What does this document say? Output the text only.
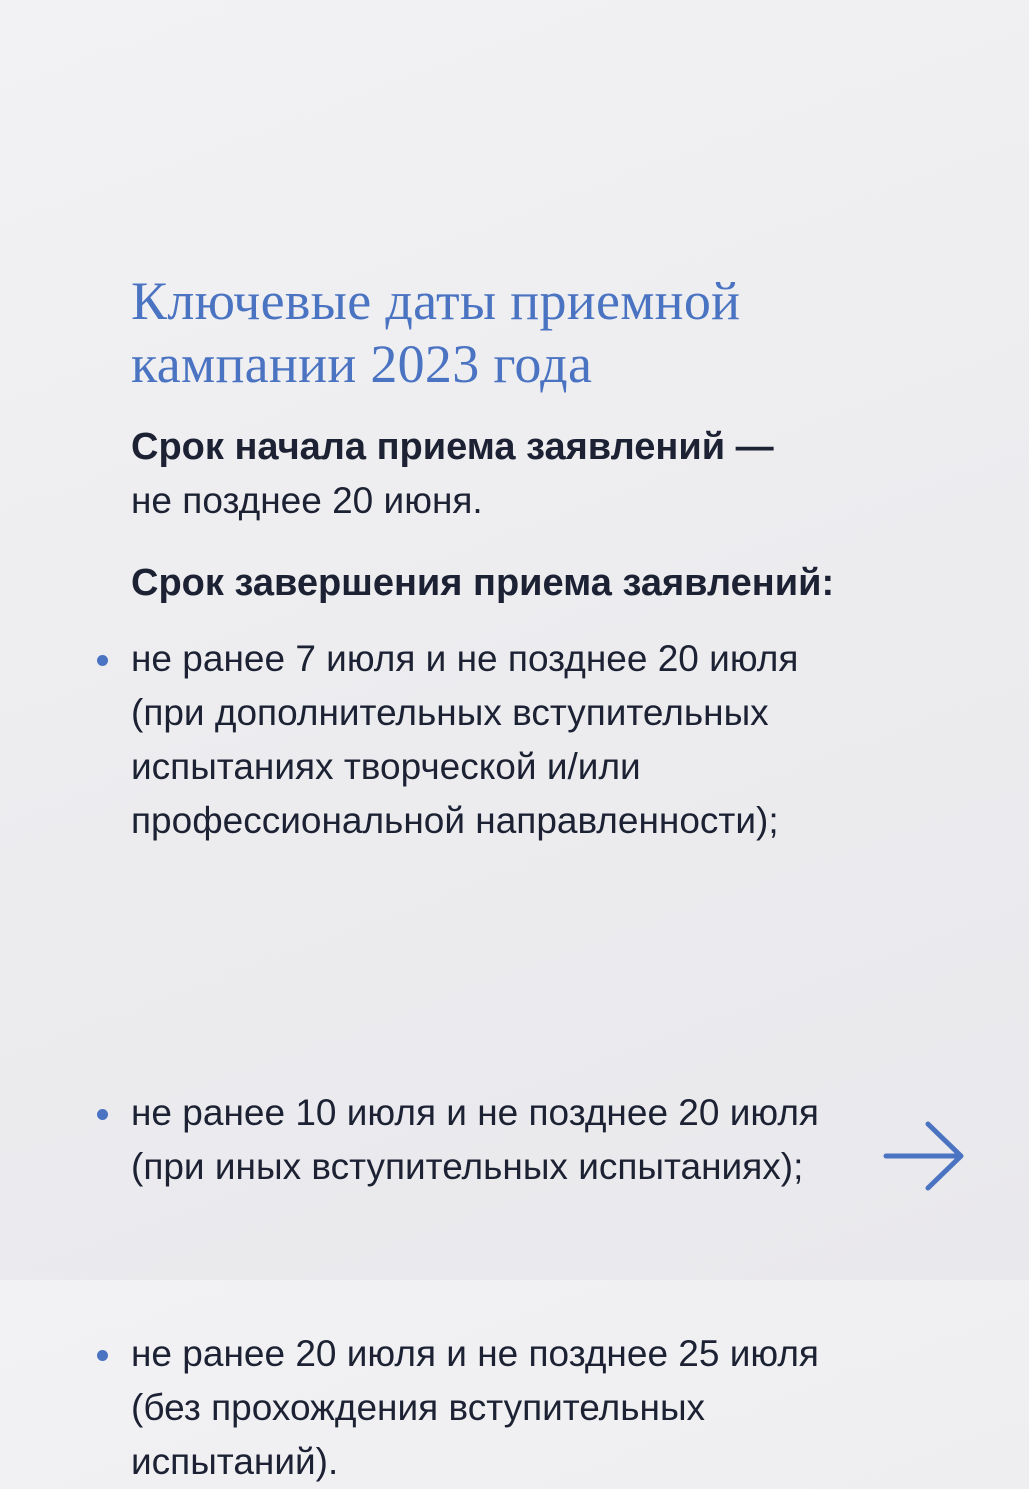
Ключевые даты приемной
кампании 2023 года
Срок начала приема заявлений —
не позднее 20 июня.
Срок завершения приема заявлений:
не ранее 7 июля и не позднее 20 июля
(при дополнительных вступительных
испытаниях творческой и/или
профессиональной направленности);
не ранее 10 июля и не позднее 20 июля
(при иных вступительных испытаниях);
не ранее 20 июля и не позднее 25 июля
(без прохождения вступительных
испытаний).
